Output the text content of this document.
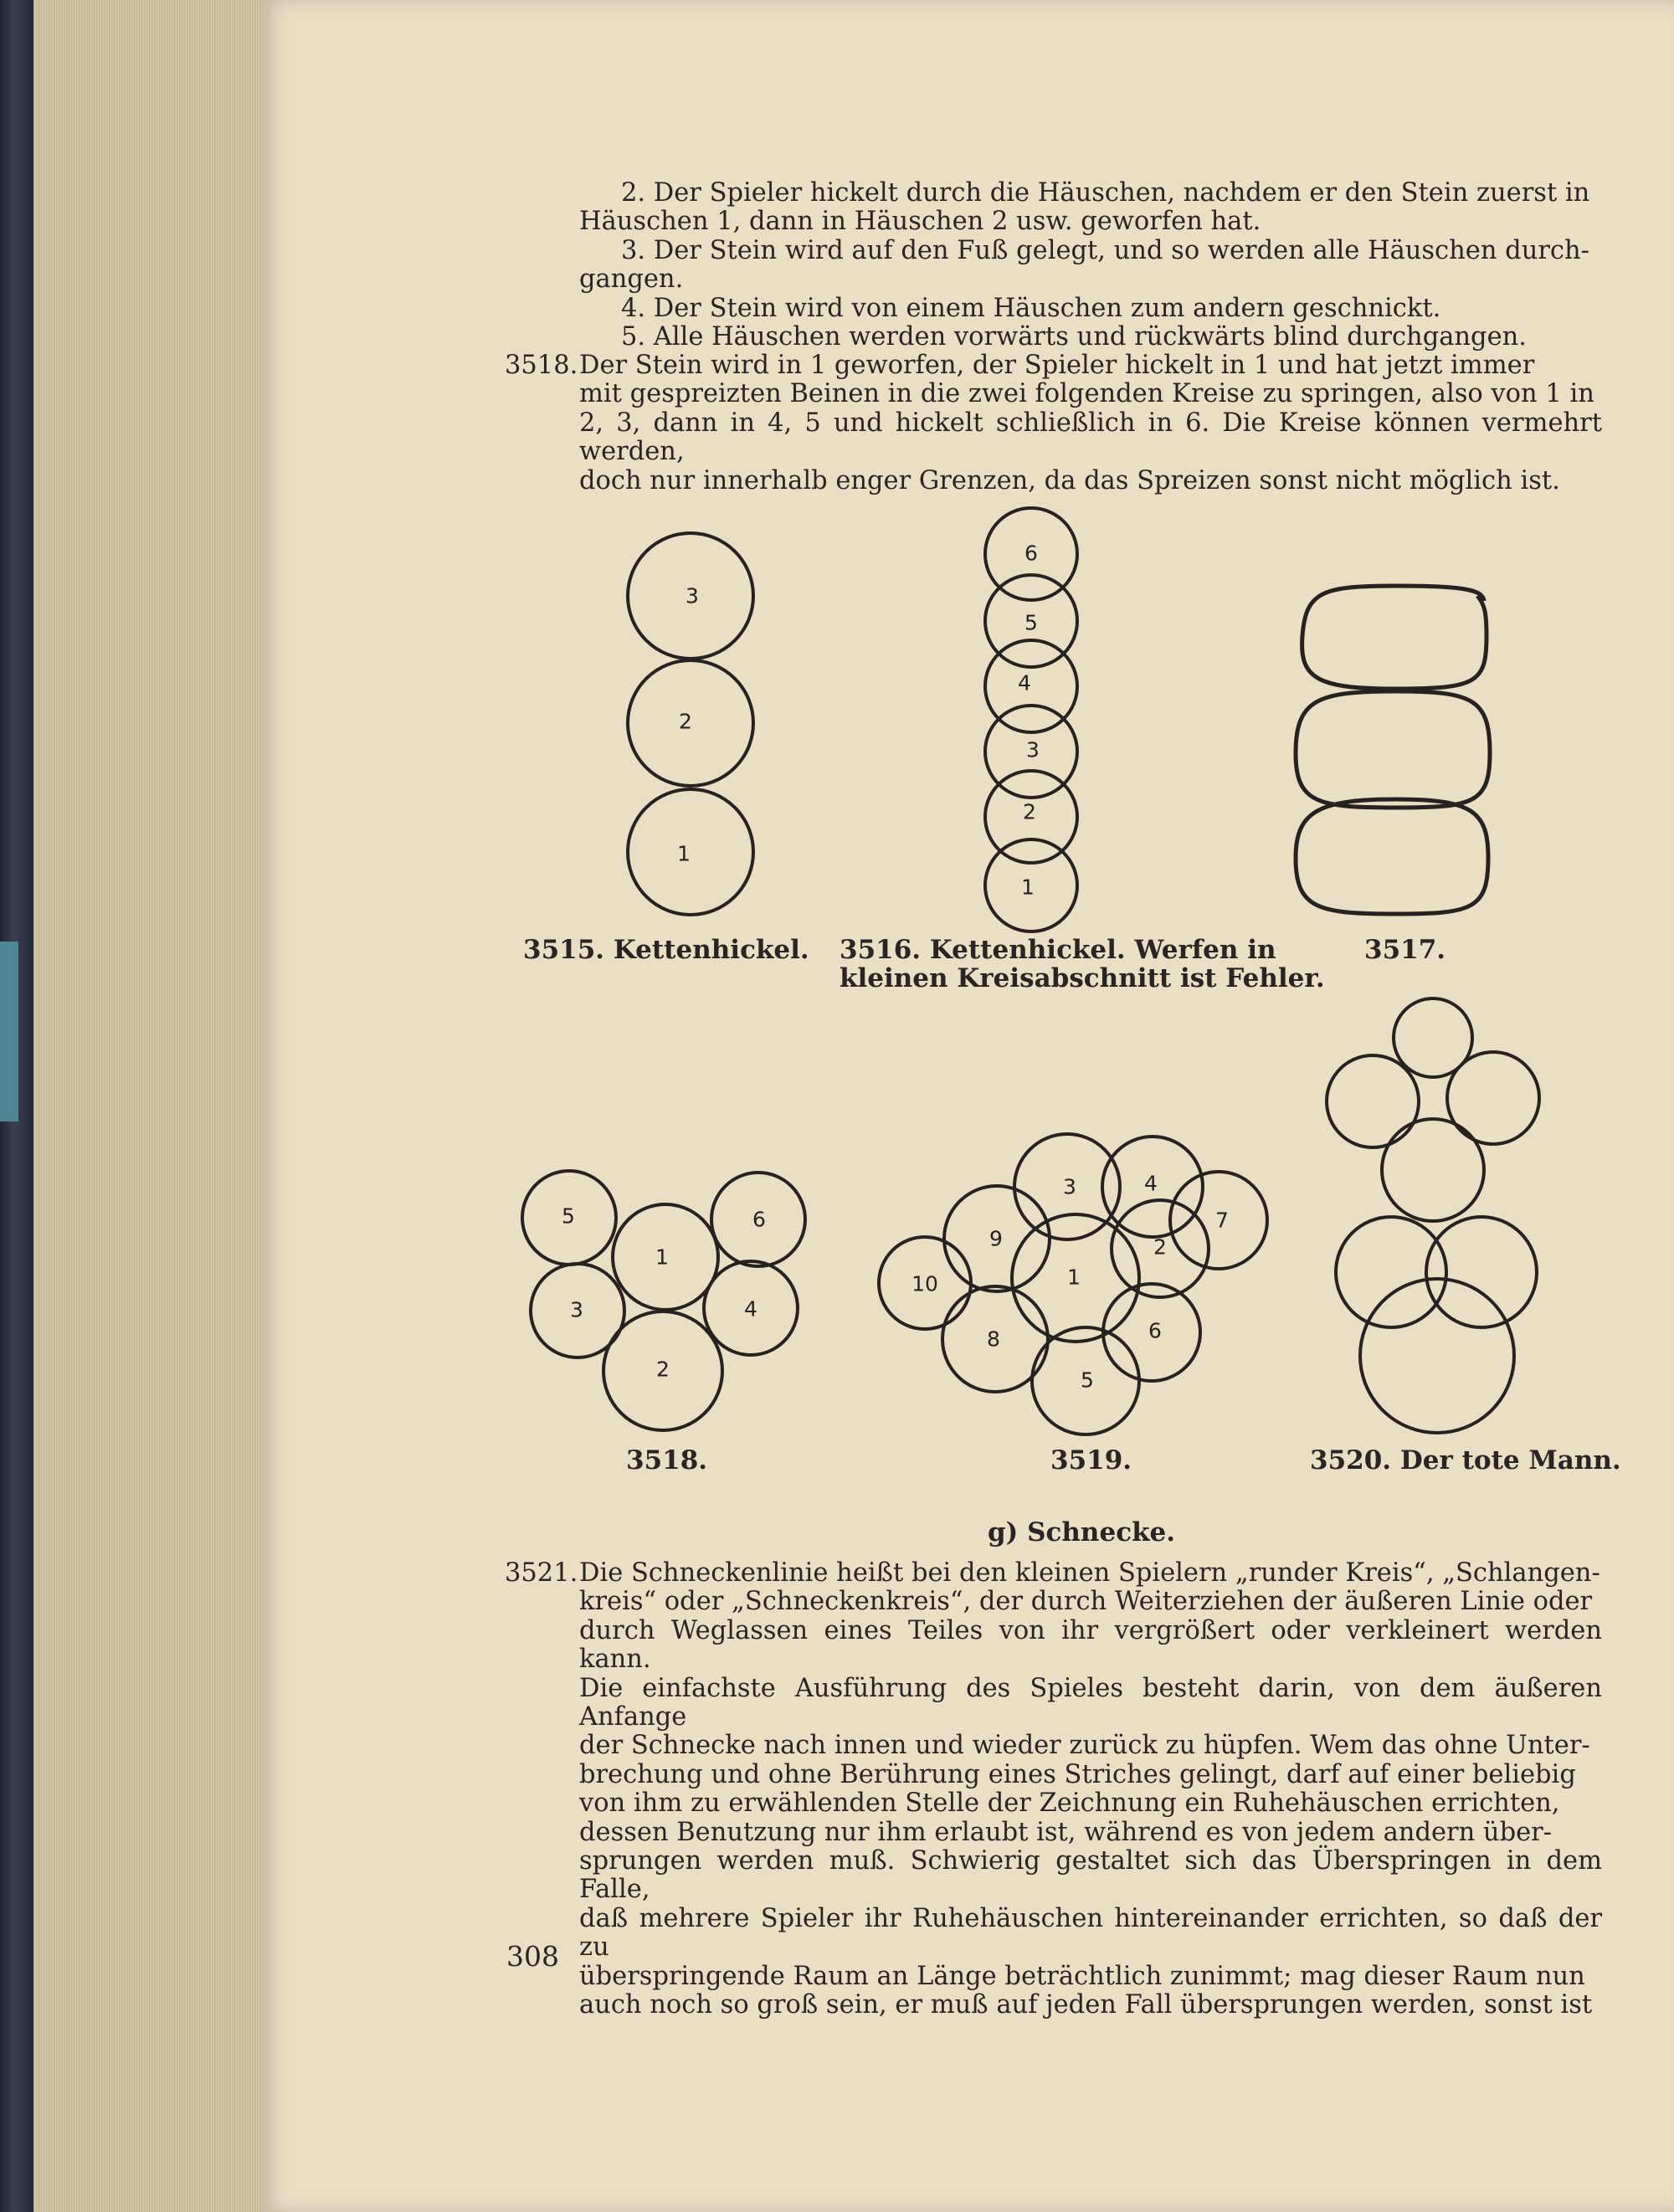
2. Der Spieler hickelt durch die Häuschen, nachdem er den Stein zuerst in
Häuschen 1, dann in Häuschen 2 usw. geworfen hat.
3. Der Stein wird auf den Fuß gelegt, und so werden alle Häuschen durch-
gangen.
4. Der Stein wird von einem Häuschen zum andern geschnickt.
5. Alle Häuschen werden vorwärts und rückwärts blind durchgangen.
3518. Der Stein wird in 1 geworfen, der Spieler hickelt in 1 und hat jetzt immer
mit gespreizten Beinen in die zwei folgenden Kreise zu springen, also von 1 in
2, 3, dann in 4, 5 und hickelt schließlich in 6. Die Kreise können vermehrt werden,
doch nur innerhalb enger Grenzen, da das Spreizen sonst nicht möglich ist.
3
2
1
3515. Kettenhickel.
6
5
4
3
2
1
3516. Kettenhickel. Werfen in
kleinen Kreisabschnitt ist Fehler.
3517.
5
1
6
3	4
2
3518.
3	4
7
9	2
1
10
8	6
5
3519.	3520. Der tote Mann.
g) Schnecke.
3521. Die Schneckenlinie heißt bei den kleinen Spielern „runder Kreis“, „Schlangen-
kreis“ oder „Schneckenkreis“, der durch Weiterziehen der äußeren Linie oder
durch Weglassen eines Teiles von ihr vergrößert oder verkleinert werden kann.
Die einfachste Ausführung des Spieles besteht darin, von dem äußeren Anfange
der Schnecke nach innen und wieder zurück zu hüpfen. Wem das ohne Unter-
brechung und ohne Berührung eines Striches gelingt, darf auf einer beliebig
von ihm zu erwählenden Stelle der Zeichnung ein Ruhehäuschen errichten,
dessen Benutzung nur ihm erlaubt ist, während es von jedem andern über-
sprungen werden muß. Schwierig gestaltet sich das Überspringen in dem Falle,
daß mehrere Spieler ihr Ruhehäuschen hintereinander errichten, so daß der zu
überspringende Raum an Länge beträchtlich zunimmt; mag dieser Raum nun
auch noch so groß sein, er muß auf jeden Fall übersprungen werden, sonst ist
308
